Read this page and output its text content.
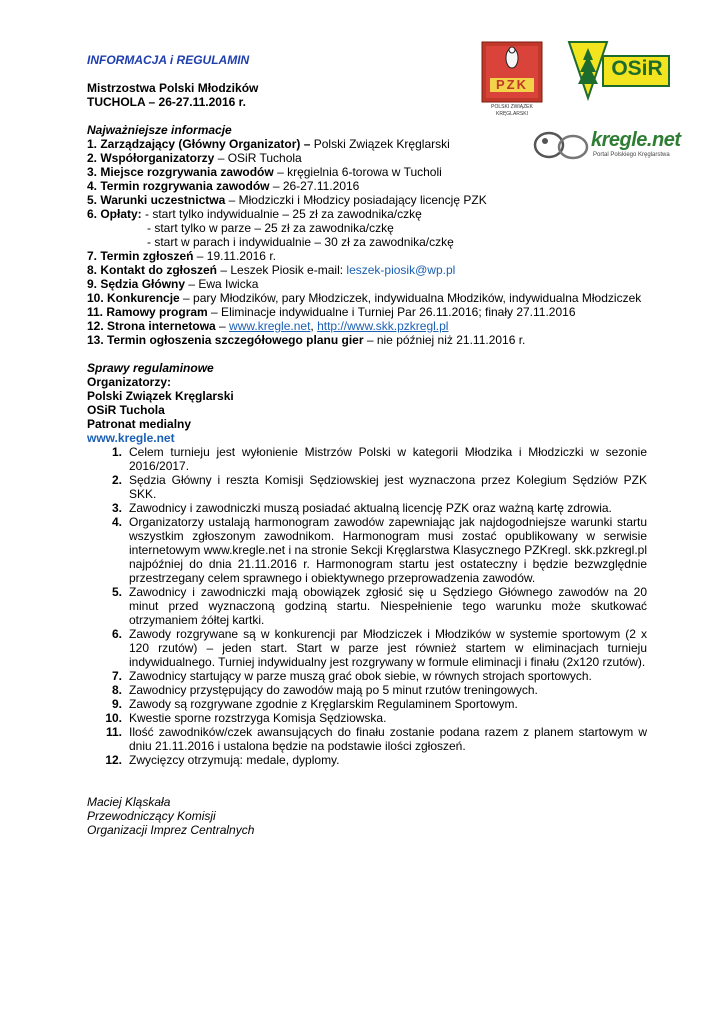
PZK
POLSKI ZWIĄZEK
KRĘGLARSKI
OSiR
kregle.net
Portal Polskiego Kręglarstwa
INFORMACJA i REGULAMIN
Mistrzostwa Polski Młodzików
TUCHOLA – 26-27.11.2016 r.
Najważniejsze informacje
1. Zarządzający (Główny Organizator) – Polski Związek Kręglarski
2. Współorganizatorzy – OSiR Tuchola
3. Miejsce rozgrywania zawodów – kręgielnia 6-torowa w Tucholi
4. Termin rozgrywania zawodów – 26-27.11.2016
5. Warunki uczestnictwa – Młodziczki i Młodzicy posiadający licencję PZK
6. Opłaty: - start tylko indywidualnie – 25 zł za zawodnika/czkę
- start tylko w parze – 25 zł za zawodnika/czkę
- start w parach i indywidualnie – 30 zł za zawodnika/czkę
7. Termin zgłoszeń – 19.11.2016 r.
8. Kontakt do zgłoszeń – Leszek Piosik e-mail: leszek-piosik@wp.pl
9. Sędzia Główny – Ewa Iwicka
10. Konkurencje – pary Młodzików, pary Młodziczek, indywidualna Młodzików, indywidualna Młodziczek
11. Ramowy program – Eliminacje indywidualne i Turniej Par 26.11.2016; finały 27.11.2016
12. Strona internetowa – www.kregle.net, http://www.skk.pzkregl.pl
13. Termin ogłoszenia szczegółowego planu gier – nie później niż 21.11.2016 r.
Sprawy regulaminowe
Organizatorzy:
Polski Związek Kręglarski
OSiR Tuchola
Patronat medialny
www.kregle.net
1. Celem turnieju jest wyłonienie Mistrzów Polski w kategorii Młodzika i Młodziczki w sezonie 2016/2017.
2. Sędzia Główny i reszta Komisji Sędziowskiej jest wyznaczona przez Kolegium Sędziów PZK SKK.
3. Zawodnicy i zawodniczki muszą posiadać aktualną licencję PZK oraz ważną kartę zdrowia.
4. Organizatorzy ustalają harmonogram zawodów zapewniając jak najdogodniejsze warunki startu wszystkim zgłoszonym zawodnikom. Harmonogram musi zostać opublikowany w serwisie internetowym www.kregle.net i na stronie Sekcji Kręglarstwa Klasycznego PZKregl. skk.pzkregl.pl najpóźniej do dnia 21.11.2016 r. Harmonogram startu jest ostateczny i będzie bezwzględnie przestrzegany celem sprawnego i obiektywnego przeprowadzenia zawodów.
5. Zawodnicy i zawodniczki mają obowiązek zgłosić się u Sędziego Głównego zawodów na 20 minut przed wyznaczoną godziną startu. Niespełnienie tego warunku może skutkować otrzymaniem żółtej kartki.
6. Zawody rozgrywane są w konkurencji par Młodziczek i Młodzików w systemie sportowym (2 x 120 rzutów) – jeden start. Start w parze jest również startem w eliminacjach turnieju indywidualnego. Turniej indywidualny jest rozgrywany w formule eliminacji i finału (2x120 rzutów).
7. Zawodnicy startujący w parze muszą grać obok siebie, w równych strojach sportowych.
8. Zawodnicy przystępujący do zawodów mają po 5 minut rzutów treningowych.
9. Zawody są rozgrywane zgodnie z Kręglarskim Regulaminem Sportowym.
10. Kwestie sporne rozstrzyga Komisja Sędziowska.
11. Ilość zawodników/czek awansujących do finału zostanie podana razem z planem startowym w dniu 21.11.2016 i ustalona będzie na podstawie ilości zgłoszeń.
12. Zwycięzcy otrzymują: medale, dyplomy.
Maciej Kląskała
Przewodniczący Komisji
Organizacji Imprez Centralnych
